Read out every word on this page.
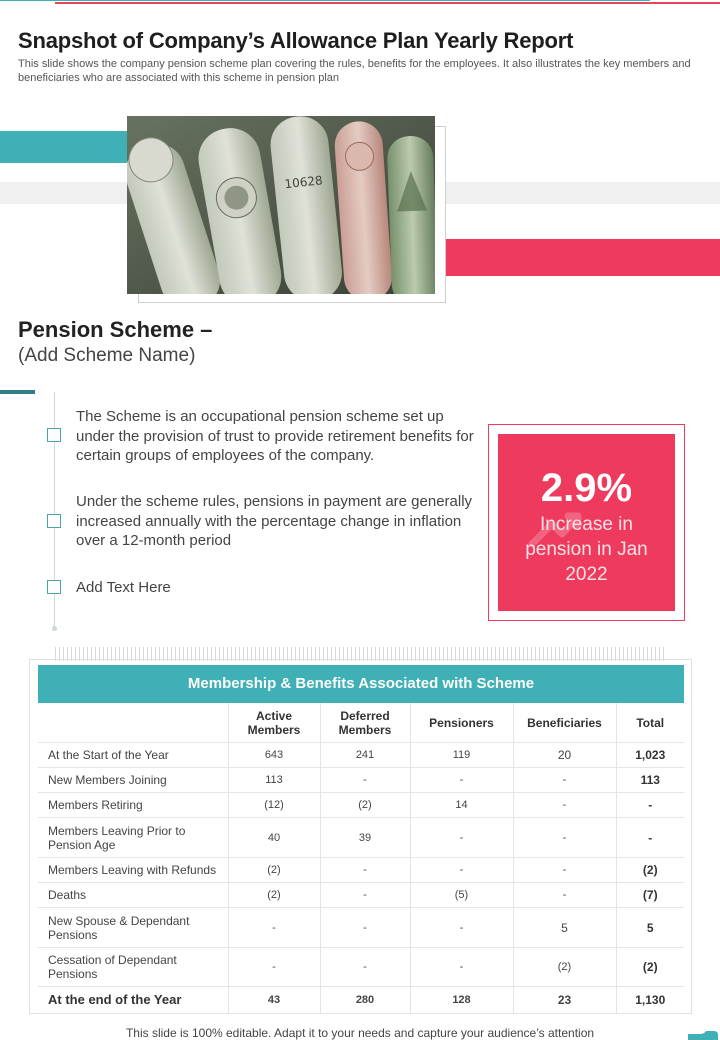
Snapshot of Company’s Allowance Plan Yearly Report
This slide shows the company pension scheme plan covering the rules, benefits for the employees. It also illustrates the key members and beneficiaries who are associated with this scheme in pension plan
10628
Pension Scheme –
(Add Scheme Name)
The Scheme is an occupational pension scheme set up under the provision of trust to provide retirement benefits for certain groups of employees of the company.
Under the scheme rules, pensions in payment are generally increased annually with the percentage change in inflation over a 12-month period
Add Text Here
2.9%
Increase in pension in Jan 2022
Membership & Benefits Associated with Scheme
	Active Members	Deferred Members	Pensioners	Beneficiaries	Total
At the Start of the Year	643	241	119	20	1,023
New Members Joining	113	-	-	-	113
Members Retiring	(12)	(2)	14	-	-
Members Leaving Prior to Pension Age	40	39	-	-	-
Members Leaving with Refunds	(2)	-	-	-	(2)
Deaths	(2)	-	(5)	-	(7)
New Spouse & Dependant Pensions	-	-	-	5	5
Cessation of Dependant Pensions	-	-	-	(2)	(2)
At the end of the Year	43	280	128	23	1,130
This slide is 100% editable. Adapt it to your needs and capture your audience’s attention
